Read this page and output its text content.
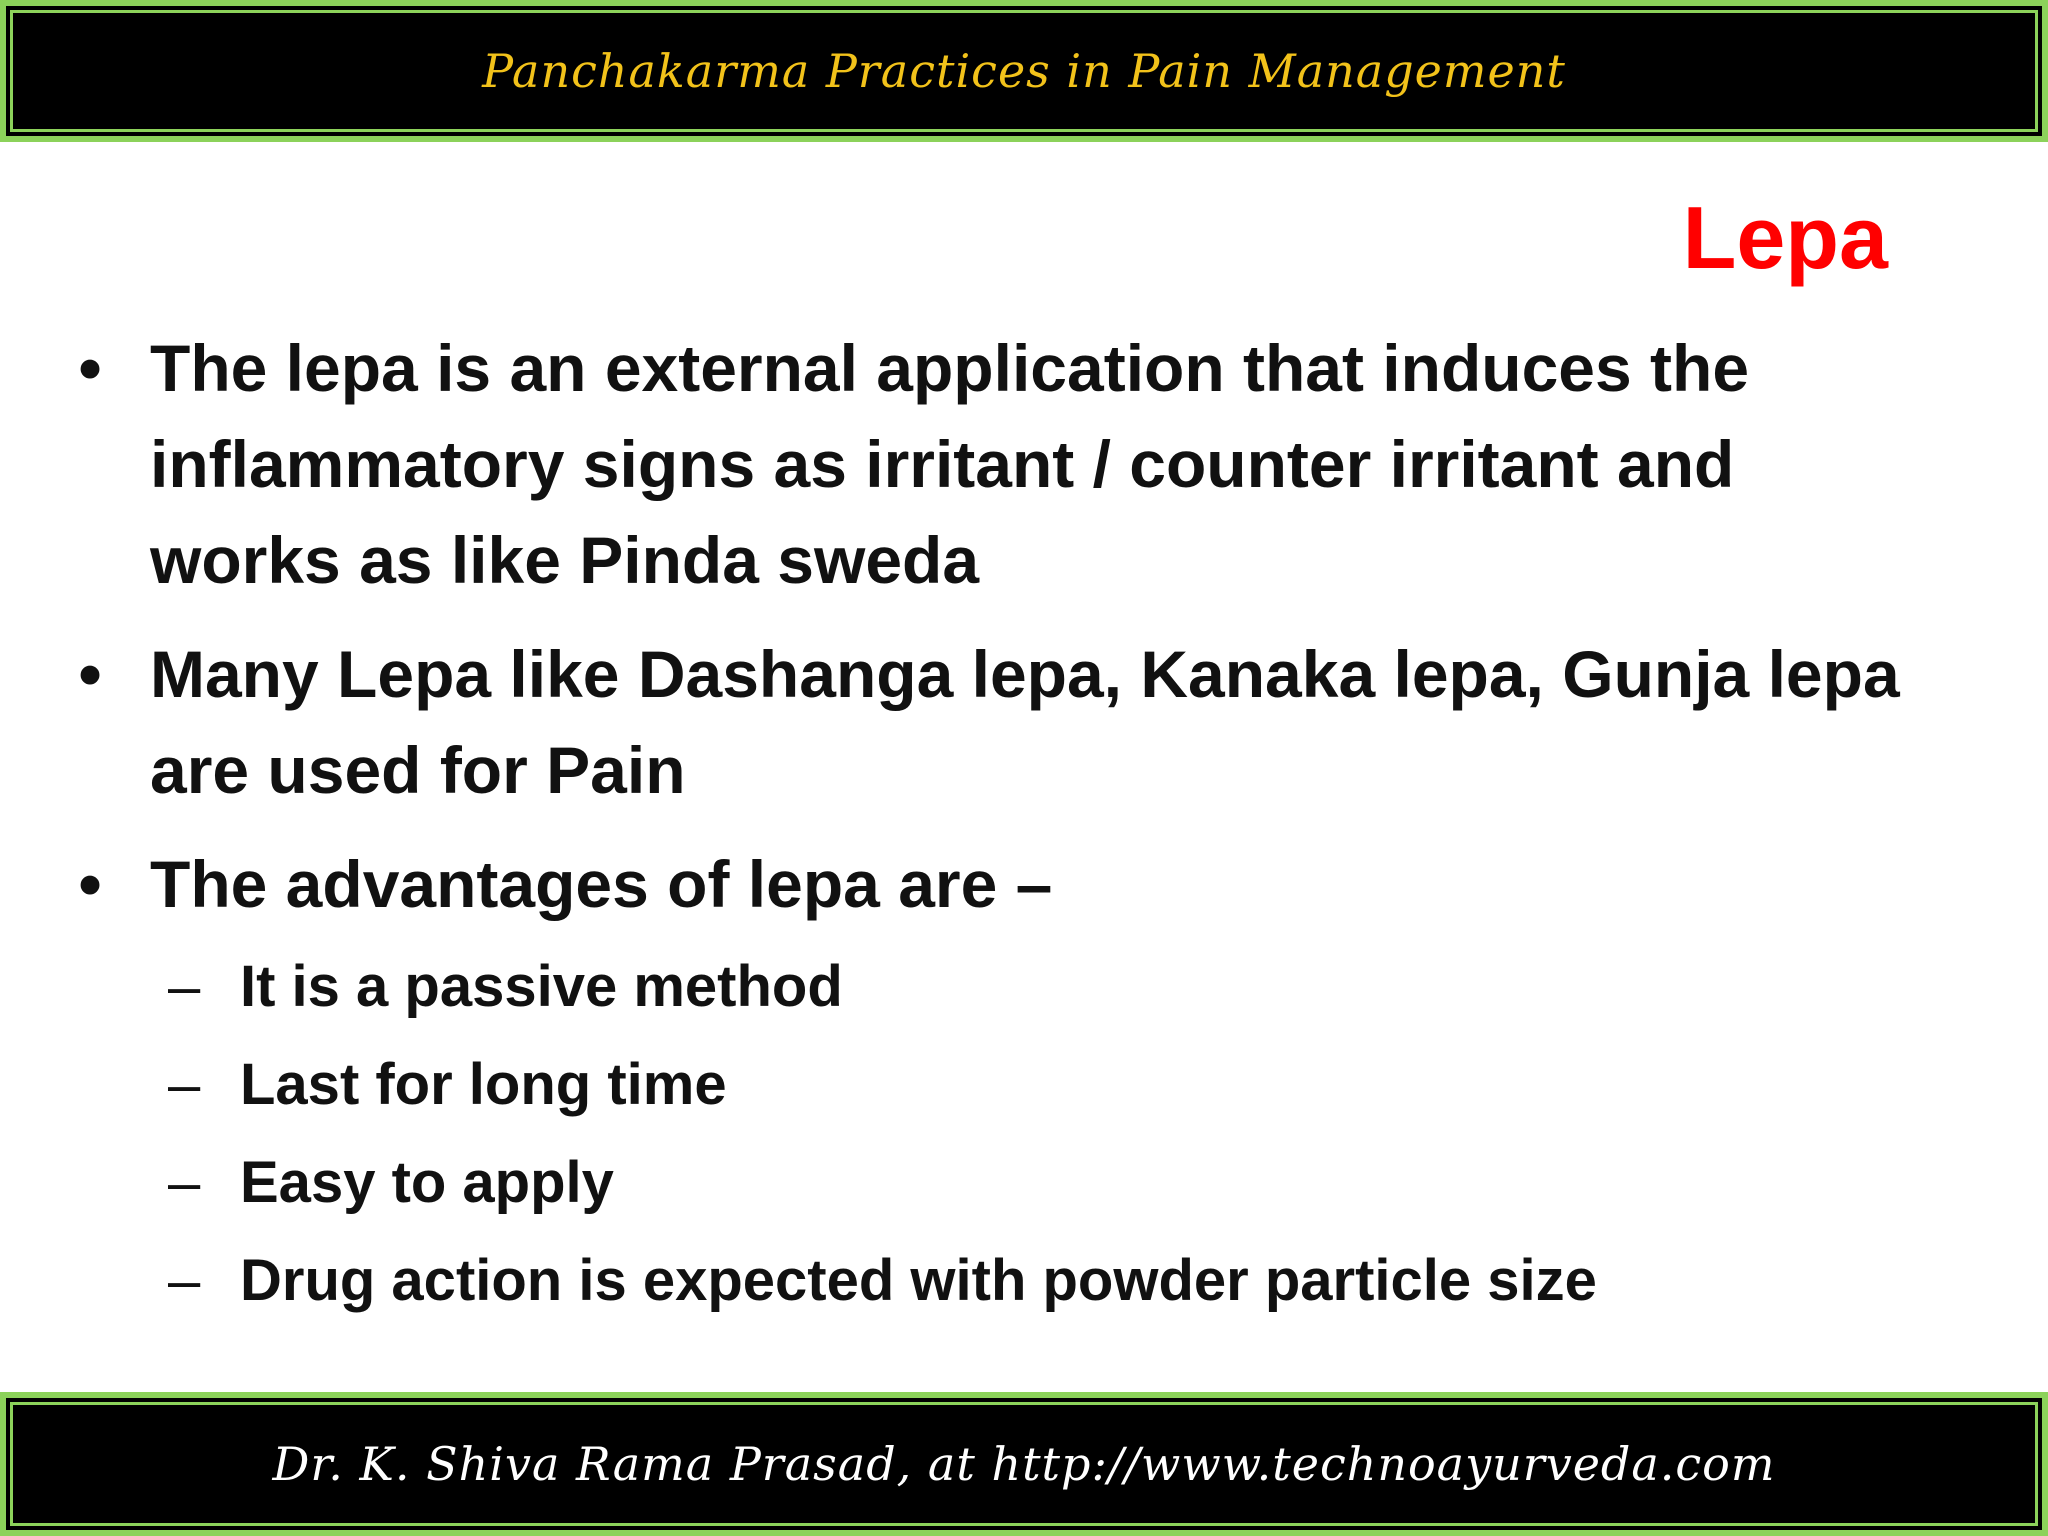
Panchakarma Practices in Pain Management
Lepa
• The lepa is an external application that induces the inflammatory signs as irritant / counter irritant and works as like Pinda sweda
• Many Lepa like Dashanga lepa, Kanaka lepa, Gunja lepa are used for Pain
• The advantages of lepa are –
– It is a passive method
– Last for long time
– Easy to apply
– Drug action is expected with powder particle size
Dr. K. Shiva Rama Prasad, at http://www.technoayurveda.com
